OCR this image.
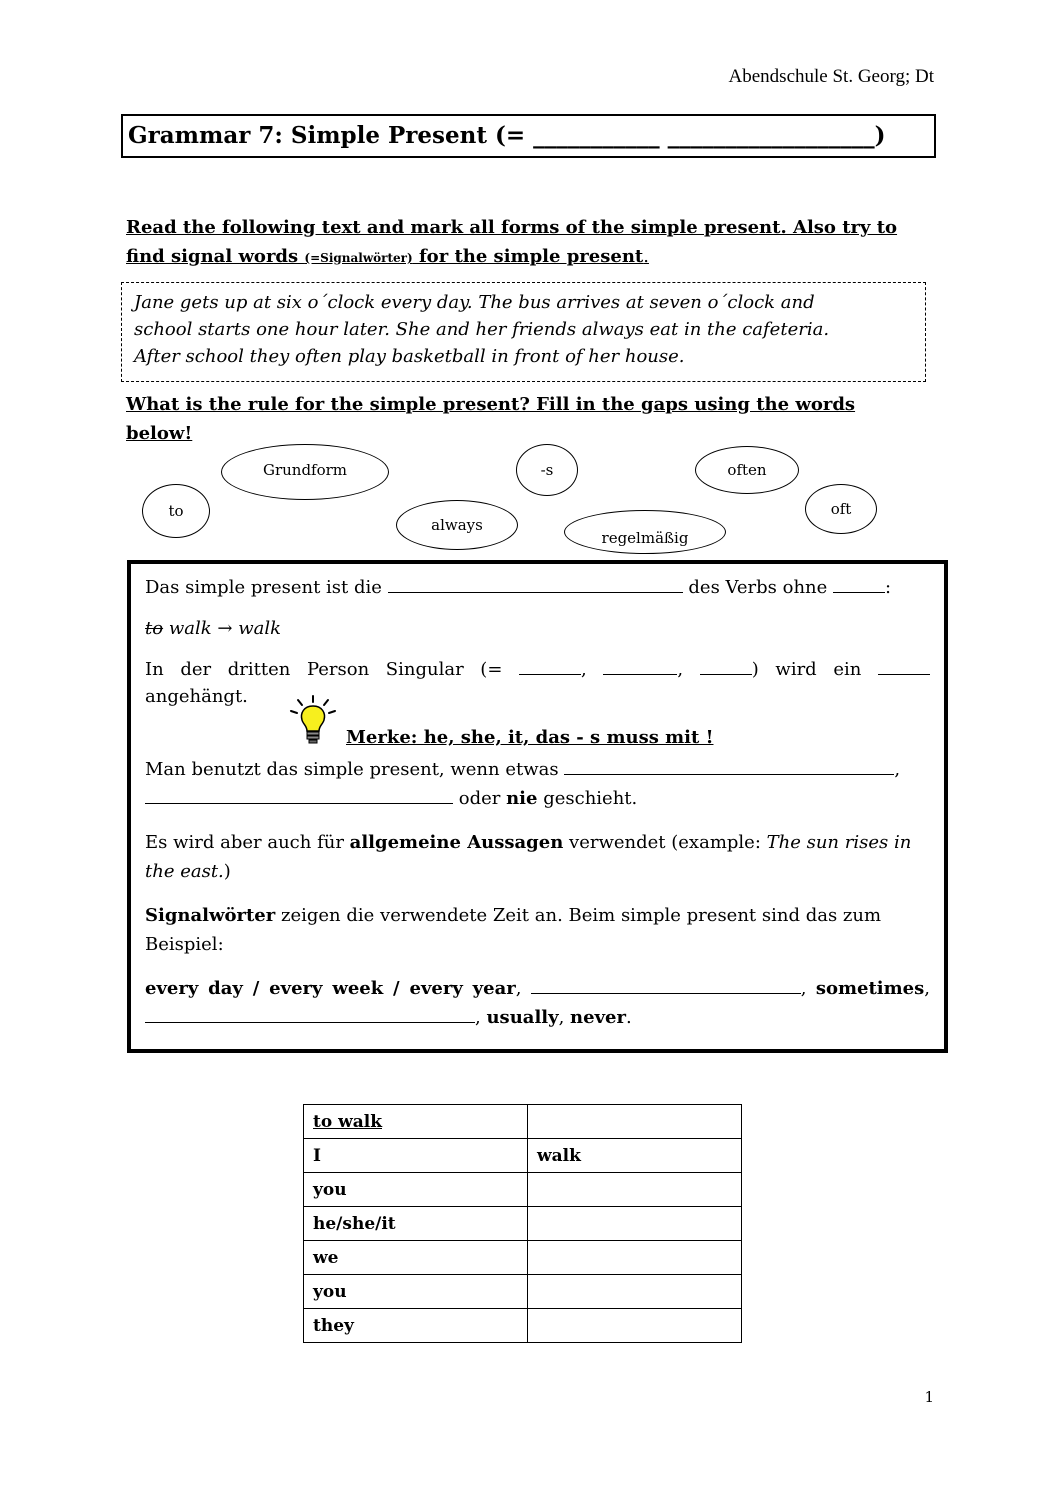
Abendschule St. Georg; Dt
Grammar 7: Simple Present (= ___________ __________________)
Read the following text and mark all forms of the simple present. Also try to find signal words (=Signalwörter) for the simple present.
Jane gets up at six o´clock every day. The bus arrives at seven o´clock and
school starts one hour later. She and her friends always eat in the cafeteria.
After school they often play basketball in front of her house.
What is the rule for the simple present? Fill in the gaps using the words below!
Grundform	-s	often
to	oft
always
regelmäßig

Das simple present ist die	des Verbs ohne	:

to walk → walk

In der dritten Person Singular (=	,	,	) wird ein

angehängt.

Man benutzt das simple present, wenn etwas	,

oder nie geschieht.

Es wird aber auch für allgemeine Aussagen verwendet (example: The sun rises in the east.)

Signalwörter zeigen die verwendete Zeit an. Beim simple present sind das zum Beispiel:

every day / every week / every year,	, sometimes,

, usually, never.

Merke: he, she, it, das - s muss mit !
to walk	
I	walk
you	
he/she/it	
we	
you	
they	
1
